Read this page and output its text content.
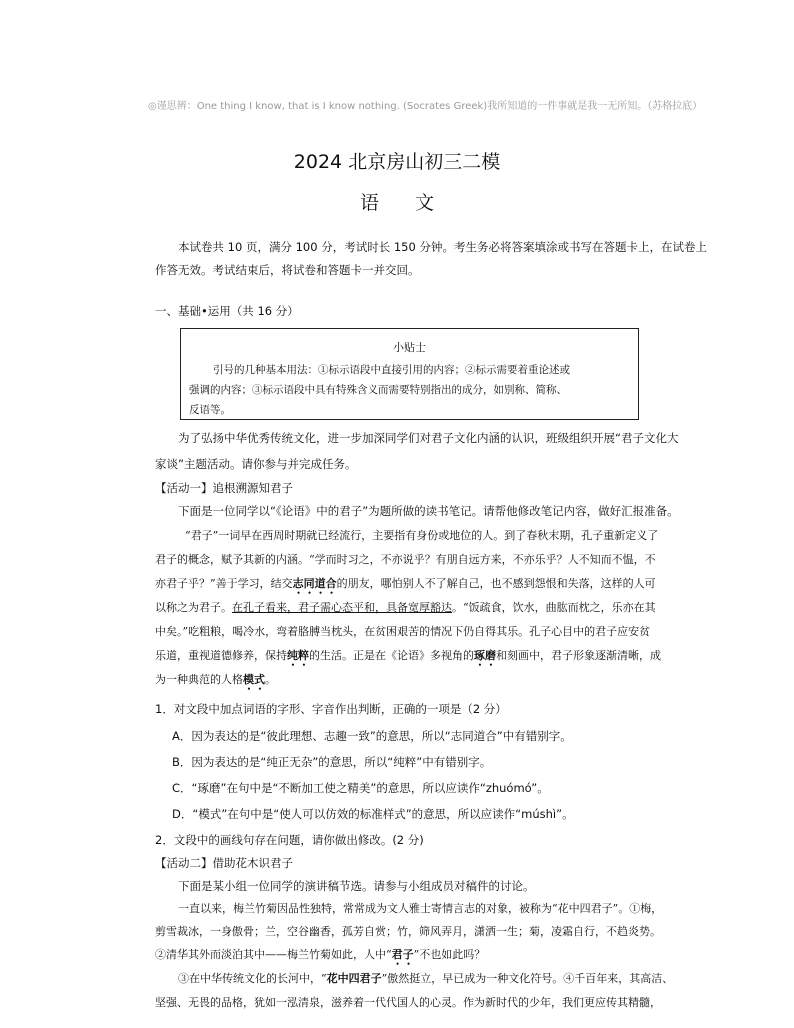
◎谨思辨：One thing I know, that is I know nothing. (Socrates Greek)我所知道的一件事就是我一无所知。（苏格拉底）
2024 北京房山初三二模
语文
本试卷共 10 页，满分 100 分，考试时长 150 分钟。考生务必将答案填涂或书写在答题卡上，在试卷上
作答无效。考试结束后，将试卷和答题卡一并交回。
一、基础•运用（共 16 分）
小贴士
引号的几种基本用法：①标示语段中直接引用的内容；②标示需要着重论述或
强调的内容；③标示语段中具有特殊含义而需要特别指出的成分，如别称、简称、
反语等。
为了弘扬中华优秀传统文化，进一步加深同学们对君子文化内涵的认识，班级组织开展“君子文化大
家谈”主题活动。请你参与并完成任务。
【活动一】追根溯源知君子
下面是一位同学以“《论语》中的君子”为题所做的读书笔记。请帮他修改笔记内容，做好汇报准备。
“君子”一词早在西周时期就已经流行，主要指有身份或地位的人。到了春秋末期，孔子重新定义了
君子的概念，赋予其新的内涵。“学而时习之，不亦说乎？有朋自远方来，不亦乐乎？人不知而不愠，不
亦君子乎？”善于学习，结交志同道合的朋友，哪怕别人不了解自己，也不感到怨恨和失落，这样的人可
以称之为君子。在孔子看来，君子需心态平和，具备宽厚豁达。“饭疏食，饮水，曲肱而枕之，乐亦在其
中矣。”吃粗粮，喝冷水，弯着胳膊当枕头，在贫困艰苦的情况下仍自得其乐。孔子心目中的君子应安贫
乐道，重视道德修养，保持纯粹的生活。正是在《论语》多视角的琢磨和刻画中，君子形象逐渐清晰，成
为一种典范的人格模式。
1．对文段中加点词语的字形、字音作出判断，正确的一项是（2 分）
A．因为表达的是“彼此理想、志趣一致”的意思，所以“志同道合”中有错别字。
B．因为表达的是“纯正无杂”的意思，所以“纯粹”中有错别字。
C．“琢磨”在句中是“不断加工使之精美”的意思，所以应读作“zhuómó”。
D．“模式”在句中是“使人可以仿效的标准样式”的意思，所以应读作“múshì”。
2．文段中的画线句存在问题，请你做出修改。(2 分)
【活动二】借助花木识君子
下面是某小组一位同学的演讲稿节选。请参与小组成员对稿件的讨论。
一直以来，梅兰竹菊因品性独特，常常成为文人雅士寄情言志的对象，被称为“花中四君子”。①梅，
剪雪裁冰，一身傲骨；兰，空谷幽香，孤芳自赏；竹，筛风弄月，潇洒一生；菊，凌霜自行，不趋炎势。
②清华其外而淡泊其中——梅兰竹菊如此，人中“君子”不也如此吗？
③在中华传统文化的长河中，“花中四君子”傲然挺立，早已成为一种文化符号。④千百年来，其高洁、
坚强、无畏的品格，犹如一泓清泉，滋养着一代代国人的心灵。作为新时代的少年，我们更应传其精髓，
